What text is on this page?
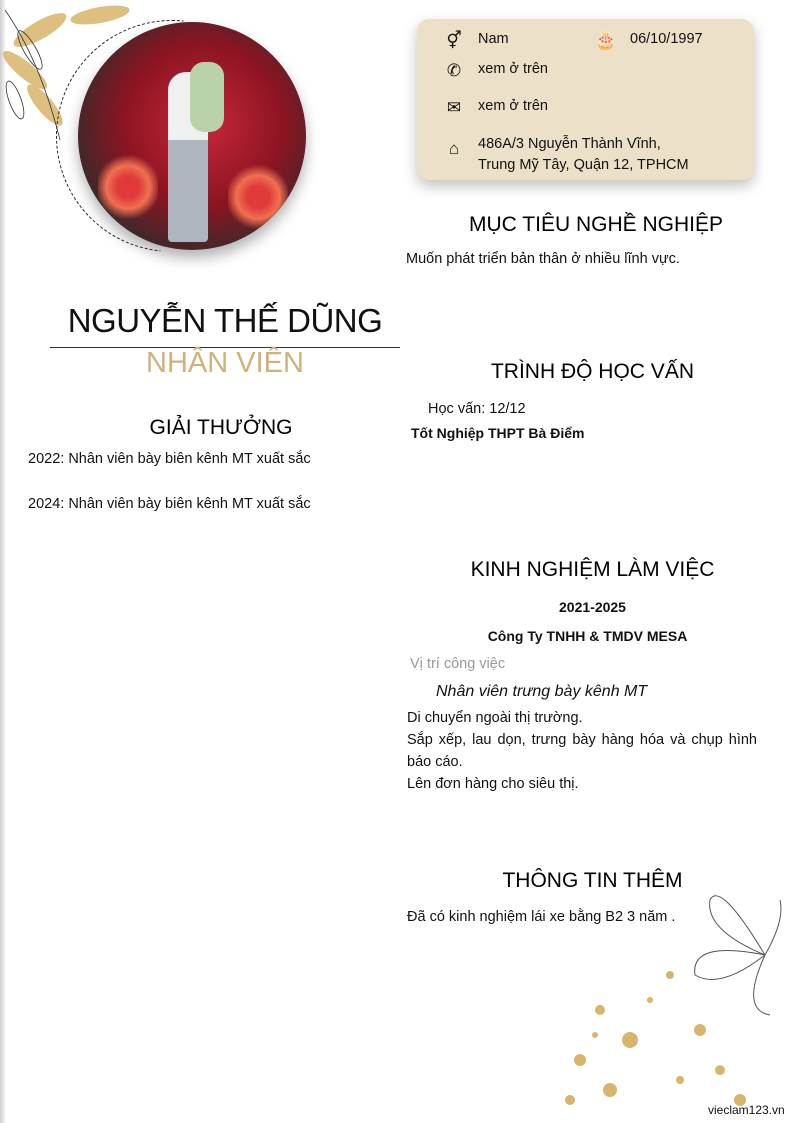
⚥ Nam	🎂 06/10/1997
✆ xem ở trên
✉ xem ở trên
⌂	486A/3 Nguyễn Thành Vĩnh,
Trung Mỹ Tây, Quận 12, TPHCM
NGUYỄN THẾ DŨNG
NHÂN VIÊN
MỤC TIÊU NGHỀ NGHIỆP
Muốn phát triển bản thân ở nhiều lĩnh vực.
TRÌNH ĐỘ HỌC VẤN
Học vấn: 12/12
Tốt Nghiệp THPT Bà Điểm
GIẢI THƯỞNG
2022: Nhân viên bày biên kênh MT xuất sắc
2024: Nhân viên bày biên kênh MT xuất sắc
KINH NGHIỆM LÀM VIỆC
2021-2025
Công Ty TNHH & TMDV MESA
Vị trí công việc
Nhân viên trưng bày kênh MT
Di chuyển ngoài thị trường.
Sắp xếp, lau dọn, trưng bày hàng hóa và chụp hình báo cáo.
Lên đơn hàng cho siêu thị.
THÔNG TIN THÊM
Đã có kinh nghiệm lái xe bằng B2 3 năm .
vieclam123.vn
